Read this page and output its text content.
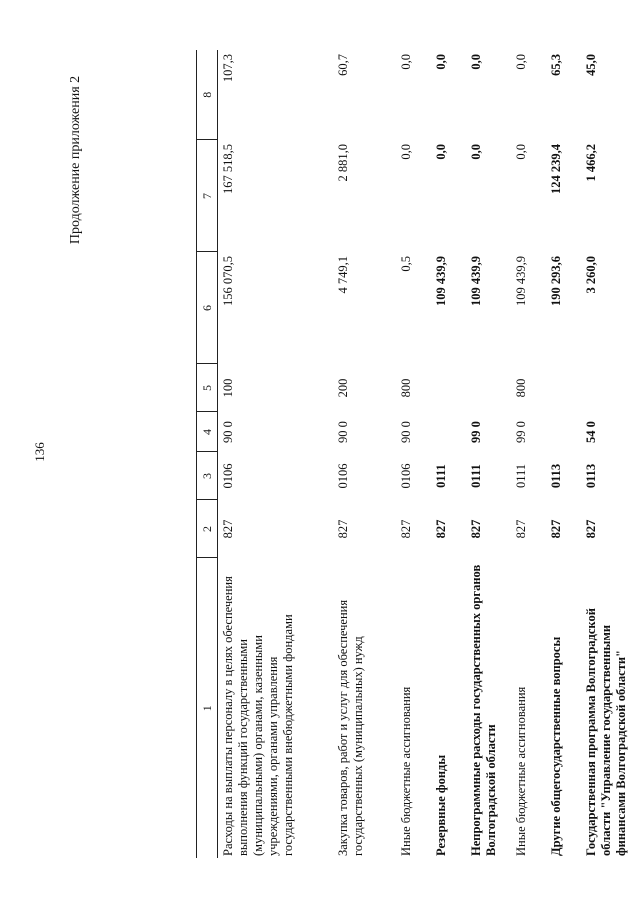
136
Продолжение приложения 2
1	2	3	4	5	6	7	8
Расходы на выплаты персоналу в целях обеспечения выполнения функций государственными (муниципальными) органами, казенными учреждениями, органами управления государственными внебюджетными фондами	827	0106	90 0	100	156 070,5	167 518,5	107,3
Закупка товаров, работ и услуг для обеспечения государственных (муниципальных) нужд	827	0106	90 0	200	4 749,1	2 881,0	60,7
Иные бюджетные ассигнования	827	0106	90 0	800	0,5	0,0	0,0
Резервные фонды	827	0111			109 439,9	0,0	0,0
Непрограммные расходы государственных органов Волгоградской области	827	0111	99 0		109 439,9	0,0	0,0
Иные бюджетные ассигнования	827	0111	99 0	800	109 439,9	0,0	0,0
Другие общегосударственные вопросы	827	0113			190 293,6	124 239,4	65,3
Государственная программа Волгоградской области "Управление государственными финансами Волгоградской области"	827	0113	54 0		3 260,0	1 466,2	45,0
